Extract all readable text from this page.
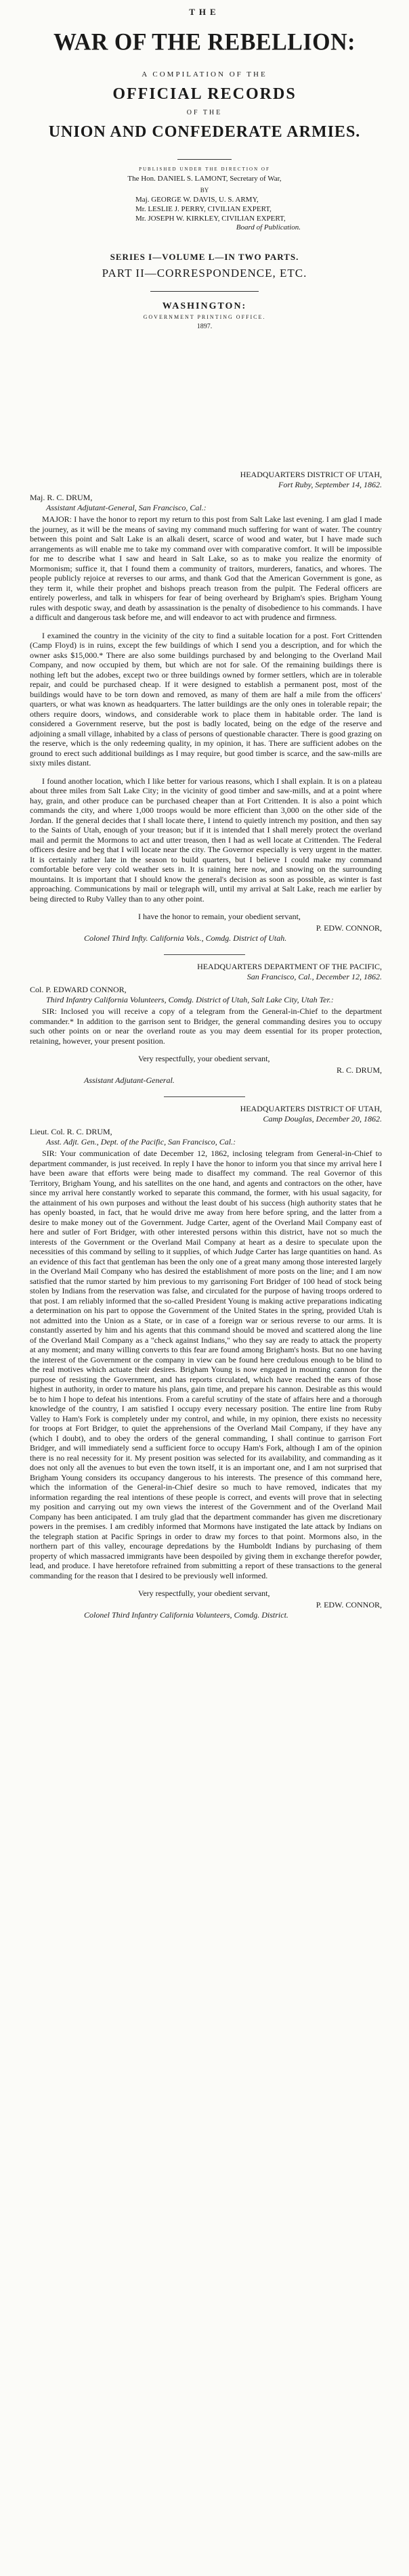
THE
WAR OF THE REBELLION:
A COMPILATION OF THE
OFFICIAL RECORDS
OF THE
UNION AND CONFEDERATE ARMIES.
PUBLISHED UNDER THE DIRECTION OF
The Hon. DANIEL S. LAMONT, Secretary of War,
BY
Maj. GEORGE W. DAVIS, U. S. ARMY,
Mr. LESLIE J. PERRY, CIVILIAN EXPERT,
Mr. JOSEPH W. KIRKLEY, CIVILIAN EXPERT,
Board of Publication.
SERIES I—VOLUME L—IN TWO PARTS.
PART II—CORRESPONDENCE, ETC.
WASHINGTON:
GOVERNMENT PRINTING OFFICE.
1897.
HEADQUARTERS DISTRICT OF UTAH,
Fort Ruby, September 14, 1862.
Maj. R. C. DRUM,
Assistant Adjutant-General, San Francisco, Cal.:

MAJOR: I have the honor to report my return to this post from Salt Lake last evening. I am glad I made the journey, as it will be the means of saving my command much suffering for want of water. The country between this point and Salt Lake is an alkali desert, scarce of wood and water, but I have made such arrangements as will enable me to take my command over with comparative comfort. It will be impossible for me to describe what I saw and heard in Salt Lake, so as to make you realize the enormity of Mormonism; suffice it, that I found them a community of traitors, murderers, fanatics, and whores. The people publicly rejoice at reverses to our arms, and thank God that the American Government is gone, as they term it, while their prophet and bishops preach treason from the pulpit. The Federal officers are entirely powerless, and talk in whispers for fear of being overheard by Brigham's spies. Brigham Young rules with despotic sway, and death by assassination is the penalty of disobedience to his commands. I have a difficult and dangerous task before me, and will endeavor to act with prudence and firmness.

I examined the country in the vicinity of the city to find a suitable location for a post. Fort Crittenden (Camp Floyd) is in ruins, except the few buildings of which I send you a description, and for which the owner asks $15,000.* There are also some buildings purchased by and belonging to the Overland Mail Company, and now occupied by them, but which are not for sale. Of the remaining buildings there is nothing left but the adobes, except two or three buildings owned by former settlers, which are in tolerable repair, and could be purchased cheap. If it were designed to establish a permanent post, most of the buildings would have to be torn down and removed, as many of them are half a mile from the officers' quarters, or what was known as headquarters. The latter buildings are the only ones in tolerable repair; the others require doors, windows, and considerable work to place them in habitable order. The land is considered a Government reserve, but the post is badly located, being on the edge of the reserve and adjoining a small village, inhabited by a class of persons of questionable character. There is good grazing on the reserve, which is the only redeeming quality, in my opinion, it has. There are sufficient adobes on the ground to erect such additional buildings as I may require, but good timber is scarce, and the saw-mills are sixty miles distant.

I found another location, which I like better for various reasons, which I shall explain. It is on a plateau about three miles from Salt Lake City; in the vicinity of good timber and saw-mills, and at a point where hay, grain, and other produce can be purchased cheaper than at Fort Crittenden. It is also a point which commands the city, and where 1,000 troops would be more efficient than 3,000 on the other side of the Jordan. If the general decides that I shall locate there, I intend to quietly intrench my position, and then say to the Saints of Utah, enough of your treason; but if it is intended that I shall merely protect the overland mail and permit the Mormons to act and utter treason, then I had as well locate at Crittenden. The Federal officers desire and beg that I will locate near the city. The Governor especially is very urgent in the matter. It is certainly rather late in the season to build quarters, but I believe I could make my command comfortable before very cold weather sets in. It is raining here now, and snowing on the surrounding mountains. It is important that I should know the general's decision as soon as possible, as winter is fast approaching. Communications by mail or telegraph will, until my arrival at Salt Lake, reach me earlier by being directed to Ruby Valley than to any other point.

I have the honor to remain, your obedient servant,
P. EDW. CONNOR,
Colonel Third Infty. California Vols., Comdg. District of Utah.
HEADQUARTERS DEPARTMENT OF THE PACIFIC,
San Francisco, Cal., December 12, 1862.
Col. P. EDWARD CONNOR,
Third Infantry California Volunteers, Comdg. District of Utah, Salt Lake City, Utah Ter.:

SIR: Inclosed you will receive a copy of a telegram from the General-in-Chief to the department commander.* In addition to the garrison sent to Bridger, the general commanding desires you to occupy such other points on or near the overland route as you may deem essential for its proper protection, retaining, however, your present position.

Very respectfully, your obedient servant,
R. C. DRUM,
Assistant Adjutant-General.
HEADQUARTERS DISTRICT OF UTAH,
Camp Douglas, December 20, 1862.
Lieut. Col. R. C. DRUM,
Asst. Adjt. Gen., Dept. of the Pacific, San Francisco, Cal.:

SIR: Your communication of date December 12, 1862, inclosing telegram from General-in-Chief to department commander, is just received. In reply I have the honor to inform you that since my arrival here I have been aware that efforts were being made to disaffect my command. The real Governor of this Territory, Brigham Young, and his satellites on the one hand, and agents and contractors on the other, have since my arrival here constantly worked to separate this command, the former, with his usual sagacity, for the attainment of his own purposes and without the least doubt of his success (high authority states that he has openly boasted, in fact, that he would drive me away from here before spring, and the latter from a desire to make money out of the Government. Judge Carter, agent of the Overland Mail Company east of here and sutler of Fort Bridger, with other interested persons within this district, have not so much the interests of the Government or the Overland Mail Company at heart as a desire to speculate upon the necessities of this command by selling to it supplies, of which Judge Carter has large quantities on hand. As an evidence of this fact that gentleman has been the only one of a great many among those interested largely in the Overland Mail Company who has desired the establishment of more posts on the line; and I am now satisfied that the rumor started by him previous to my garrisoning Fort Bridger of 100 head of stock being stolen by Indians from the reservation was false, and circulated for the purpose of having troops ordered to that post. I am reliably informed that the so-called President Young is making active preparations indicating a determination on his part to oppose the Government of the United States in the spring, provided Utah is not admitted into the Union as a State, or in case of a foreign war or serious reverse to our arms. It is constantly asserted by him and his agents that this command should be moved and scattered along the line of the Overland Mail Company as a "check against Indians," who they say are ready to attack the property at any moment; and many willing converts to this fear are found among Brigham's hosts. But no one having the interest of the Government or the company in view can be found here credulous enough to be blind to the real motives which actuate their desires. Brigham Young is now engaged in mounting cannon for the purpose of resisting the Government, and has reports circulated, which have reached the ears of those highest in authority, in order to mature his plans, gain time, and prepare his cannon. Desirable as this would be to him I hope to defeat his intentions. From a careful scrutiny of the state of affairs here and a thorough knowledge of the country, I am satisfied I occupy every necessary position. The entire line from Ruby Valley to Ham's Fork is completely under my control, and while, in my opinion, there exists no necessity for troops at Fort Bridger, to quiet the apprehensions of the Overland Mail Company, if they have any (which I doubt), and to obey the orders of the general commanding, I shall continue to garrison Fort Bridger, and will immediately send a sufficient force to occupy Ham's Fork, although I am of the opinion there is no real necessity for it. My present position was selected for its availability, and commanding as it does not only all the avenues to but even the town itself, it is an important one, and I am not surprised that Brigham Young considers its occupancy dangerous to his interests. The presence of this command here, which the information of the General-in-Chief desire so much to have removed, indicates that my information regarding the real intentions of these people is correct, and events will prove that in selecting my position and carrying out my own views the interest of the Government and of the Overland Mail Company has been anticipated. I am truly glad that the department commander has given me discretionary powers in the premises. I am credibly informed that Mormons have instigated the late attack by Indians on the telegraph station at Pacific Springs in order to draw my forces to that point. Mormons also, in the northern part of this valley, encourage depredations by the Humboldt Indians by purchasing of them property of which massacred immigrants have been despoiled by giving them in exchange therefor powder, lead, and produce. I have heretofore refrained from submitting a report of these transactions to the general commanding for the reason that I desired to be previously well informed.

Very respectfully, your obedient servant,
P. EDW. CONNOR,
Colonel Third Infantry California Volunteers, Comdg. District.
